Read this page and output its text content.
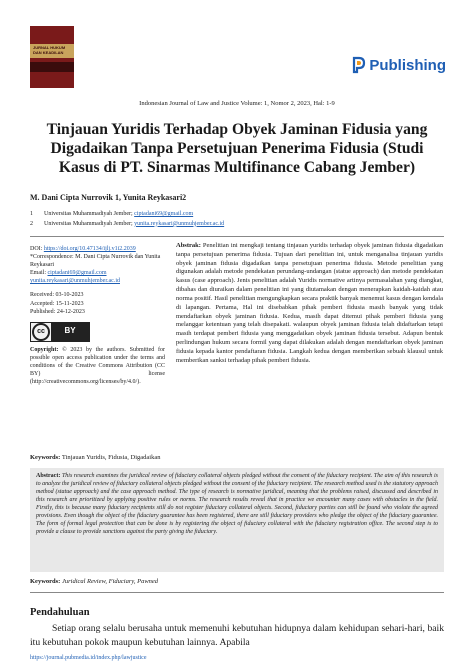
JURNAL HUKUM DAN KEADILAN
Publishing
Indonesian Journal of Law and Justice Volume: 1, Nomor 2, 2023, Hal: 1-9
Tinjauan Yuridis Terhadap Obyek Jaminan Fidusia yang Digadaikan Tanpa Persetujuan Penerima Fidusia (Studi Kasus di PT. Sinarmas Multifinance Cabang Jember)
M. Dani Cipta Nurrovik 1, Yunita Reykasari2
1 Universitas Muhammadiyah Jember; ciptadani69@gmail.com
2 Universitas Muhammadiyah Jember; yunita.reykasari@unmuhjember.ac.id
DOI: https://doi.org/10.47134/ijlj.v1i2.2039
*Correspondence: M. Dani Cipta Nurrovik dan Yunita Reykasari
Email: ciptadani69@gmail.com
yunita.reykasari@unmuhjember.ac.id
Received: 03-10-2023
Accepted: 15-11-2023
Published: 24-12-2023
cc	BY
Copyright: © 2023 by the authors. Submitted for possible open access publication under the terms and conditions of the Creative Commons Attribution (CC BY) license (http://creativecommons.org/licenses/by/4.0/).
Abstrak: Penelitian ini mengkaji tentang tinjauan yuridis terhadap obyek jaminan fidusia digadaikan tanpa persetujuan penerima fidusia. Tujuan dari penelitian ini, untuk menganalisa tinjauan yuridis obyek jaminan fidusia digadaikan tanpa persetujuan penerima fidusia. Metode penelitian yang digunakan adalah metode pendekatan perundang-undangan (statue approach) dan metode pendekatan kasus (case approach). Jenis penelitian adalah Yuridis normative artinya permasalahan yang diangkat, dibahas dan diuraikan dalam penelitian ini yang diutamakan dengan menerapkan kaidah-kaidah atau norma positif. Hasil penelitian mengungkapkan secara praktik banyak menemui kasus dengan kendala di lapangan. Pertama, Hal ini disebabkan pihak pemberi fidusia masih banyak yang tidak mendaftarkan obyek jaminan fidusia. Kedua, masih dapat ditemui pihak pemberi fidusia yang melanggar ketentuan yang telah disepakati. walaupun obyek jaminan fidusia telah didaftarkan tetapi masih terdapat pemberi fidusia yang menggadaikan obyek jaminan fidusia tersebut. Adapun bentuk perlindungan hukum secara formil yang dapat dilakukan adalah dengan mendaftarkan obyek jaminan fidusia kepada kantor pendaftaran fidusia. Langkah kedua dengan memberikan sebuah klausul untuk memberikan sanksi terhadap pihak pemberi fidusia.
Keywords: Tinjauan Yuridis, Fidusia, Digadaikan

Abstract: This research examines the juridical review of fiduciary collateral objects pledged without the consent of the fiduciary recipient. The aim of this research is to analyze the juridical review of fiduciary collateral objects pledged without the consent of the fiduciary recipient. The research method used is the statutory approach method (statue approach) and the case approach method. The type of research is normative juridical, meaning that the problems raised, discussed and described in this research are prioritized by applying positive rules or norms. The research results reveal that in practice we encounter many cases with obstacles in the field. Firstly, this is because many fiduciary recipients still do not register fiduciary collateral objects. Second, fiduciary parties can still be found who violate the agreed provisions. Even though the object of the fiduciary guarantee has been registered, there are still fiduciary providers who pledge the object of the fiduciary guarantee. The form of formal legal protection that can be done is by registering the object of fiduciary collateral with the fiduciary registration office. The second step is to provide a clause to provide sanctions against the party giving the fiduciary.

Keywords: Juridical Review, Fiduciary, Pawned
Pendahuluan
Setiap orang selalu berusaha untuk memenuhi kebutuhan hidupnya dalam kehidupan sehari-hari, baik itu kebutuhan pokok maupun kebutuhan lainnya. Apabila
https://journal.pubmedia.id/index.php/lawjustice
